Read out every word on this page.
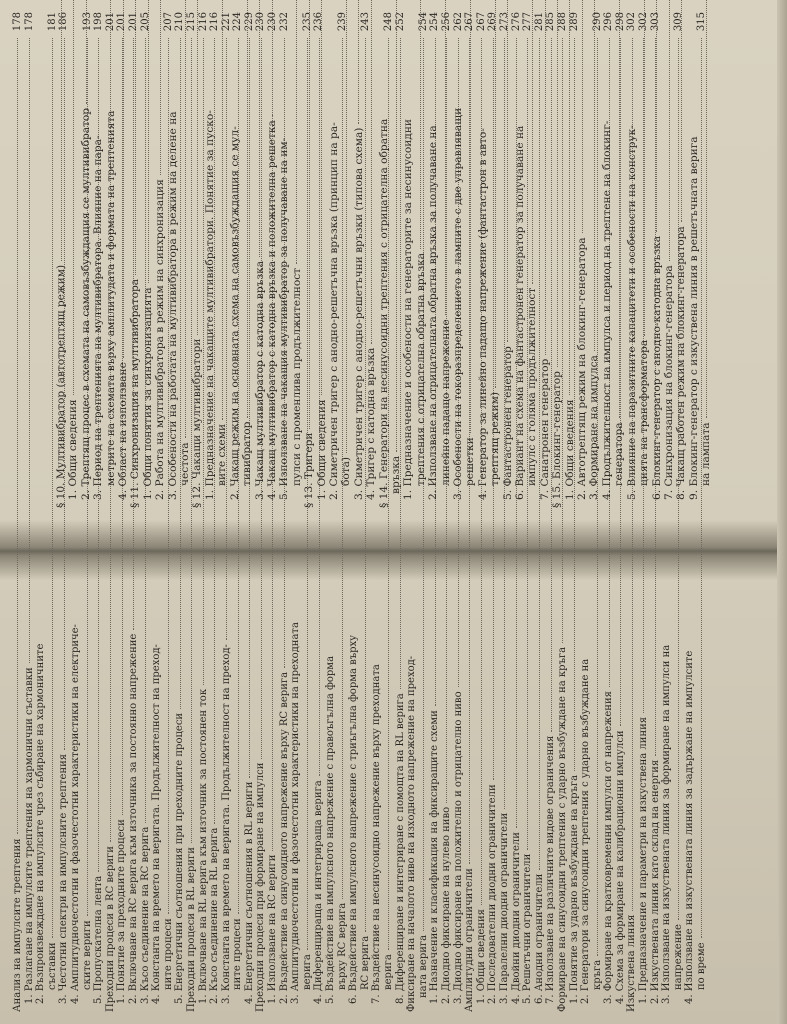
Анализ на импулсите трептения
178
1. Разлагане на импулсите трептения на хармонични съставки
178
2. Възпроизвеждане на импулсите чрез събиране на хармоничните съставки
181
3. Честотни спектри на импулсните трептения
186
4. Амплитудночестотни и фазочестотни характеристики на електриче- ските вериги
193
5. Пропускателна лента
198
Преходни процеси в RC вериги
201
1. Понятие за преходните процеси
201
2. Включване на RC верига към източника за постоянно напрежение
201
3. Късо съединение на RC верига
205
4. Константа на времето на веригата. Продължителност на преход- ните процеси
207
5. Енергетични съотношения при преходните процеси
210
Преходни процеси в RL вериги
215
1. Включване на RL верига към източник за постоянен ток
216
2. Късо съединение на RL верига
216
3. Константа на времето на веригата. Продължителност на преход-
221
ните процеси
224
4. Енергетични съотношения в RL вериги
229
Преходни процеси при формиране на импулси
230
1. Използване на RC вериги
230
2. Въздействие на синусоидното напрежение върху RC верига
232
3. Амплитудночестотни и фазочестотни характеристики на преходната верига
235
4. Диференцираща и интегрираща верига
236
5. Въздействие на импулсното напрежение с правоъгълна форма върху RC верига
239
6. Въздействие на импулсното напрежение с триъгълна форма върху RC верига
243
7. Въздействие на несинусоидно напрежение върху преходната верига
248
8. Диференциране и интегриране с помощта на RL верига
252
Фиксиране на началото ниво на изходното напрежение на преход- ната верига
254
1. Назначение и класификация на фиксиращите схеми
254
2. Диодно фиксиране на нулево ниво
256
3. Диодно фиксиране на положително и отрицателно ниво
262
Амплитудни ограничители
267
1. Общи сведения
267
2. Последователни диодни ограничители
269
3. Паралелни диодни ограничители
273
4. Двойни диодни ограничители
276
5. Решетъчни ограничители
277
6. Анодни ограничители
281
7. Използване на различните видове ограничения
285
Формиране на синусоидни трептения с ударно възбуждане на кръга
288
1. Понятие за ударно възбуждане на кръга
289
2. Генератори за синусоидни трептения с ударно възбуждане на кръга
290
3. Формиране на кратковременни импулси от напрежения
296
4. Схема за формиране на калибрационни импулси
298
Изкуствена линия
302
1. Предназначение и параметри на изкуствена линия
302
2. Изкуствената линия като склад на енергия
303
3. Използване на изкуствената линия за формиране на импулси на напрежение
309
4. Използване на изкуствената линия за задържане на импулсите по време
315
§ 10. Мултивибратор (автотрептящ режим) 1. Общи сведения 2. Трептящ процес в схемата на самовъзбуждащия се мултивибратор 3. Период на трептенията на мултивибратора. Влияние на пара- метрите на схемата върху амплитудата и формата на трептенията 4. Област на използване § 11. Синхронизация на мултивибратора 1. Общи понятия за синхронизацията 2. Работа на мултивибратора в режим на синхронизация 3. Особености на работата на мултивибратора в режим на делене на честота § 12. Чакащи мултивибратори 1. Предназначение на чакащите мултивибратори. Понятие за пуско- вите схеми 2. Чакащ режим на основната схема на самовъзбуждащия се мул- тивибратор 3. Чакащ мултивибратор с катодна връзка 4. Чакащ мултивибратор с катодна връзка и положителна решетка 5. Използване на чакащия мултивибратор за получаване на им- пулси с променлива продължителност § 13. Тригери 1. Общи сведения 2. Симетричен тригер с анодно-решетъчна връзка (принцип на ра- бота) 3. Симетричен тригер с анодно-решетъчни връзки (типова схема) 4. Тригер с катодна връзка § 14. Генератори на несинусоидни трептения с отрицателна обратна връзка 1. Предназначение и особености на генераторите за несинусоидни трептения с отрицателна обратна връзка 2. Използване на отрицателната обратна връзка за получаване на линейно падащо напрежение 3. Особености на токоразпределението в лампите с две управляващи решетки 4. Генератор за линейно падащо напрежение (фантастрон в авто- трептящ режим) 5. Фантастронен генератор 6. Вариант на схема на фантастронен генератор за получаване на импулс с голяма продължителност 7. Санатронен генератор § 15. Блокинг-генератор 1. Общи сведения 2. Автотрептящ режим на блокинг-генератора 3. Формиране на импулса 4. Продължителност на импулса и период на трептене на блокинг- генератора 5. Влияние на паразитните капацитети и особености на конструк- цията на трансформатора 6. Блокинг-генератор с анодно-катодна връзка 7. Синхронизация на блокинг-генератора 8. Чакащ работен режим на блокинг-генератора 9. Блокинг-генератор с изкуствена линия в решетъчната верига на лампата
